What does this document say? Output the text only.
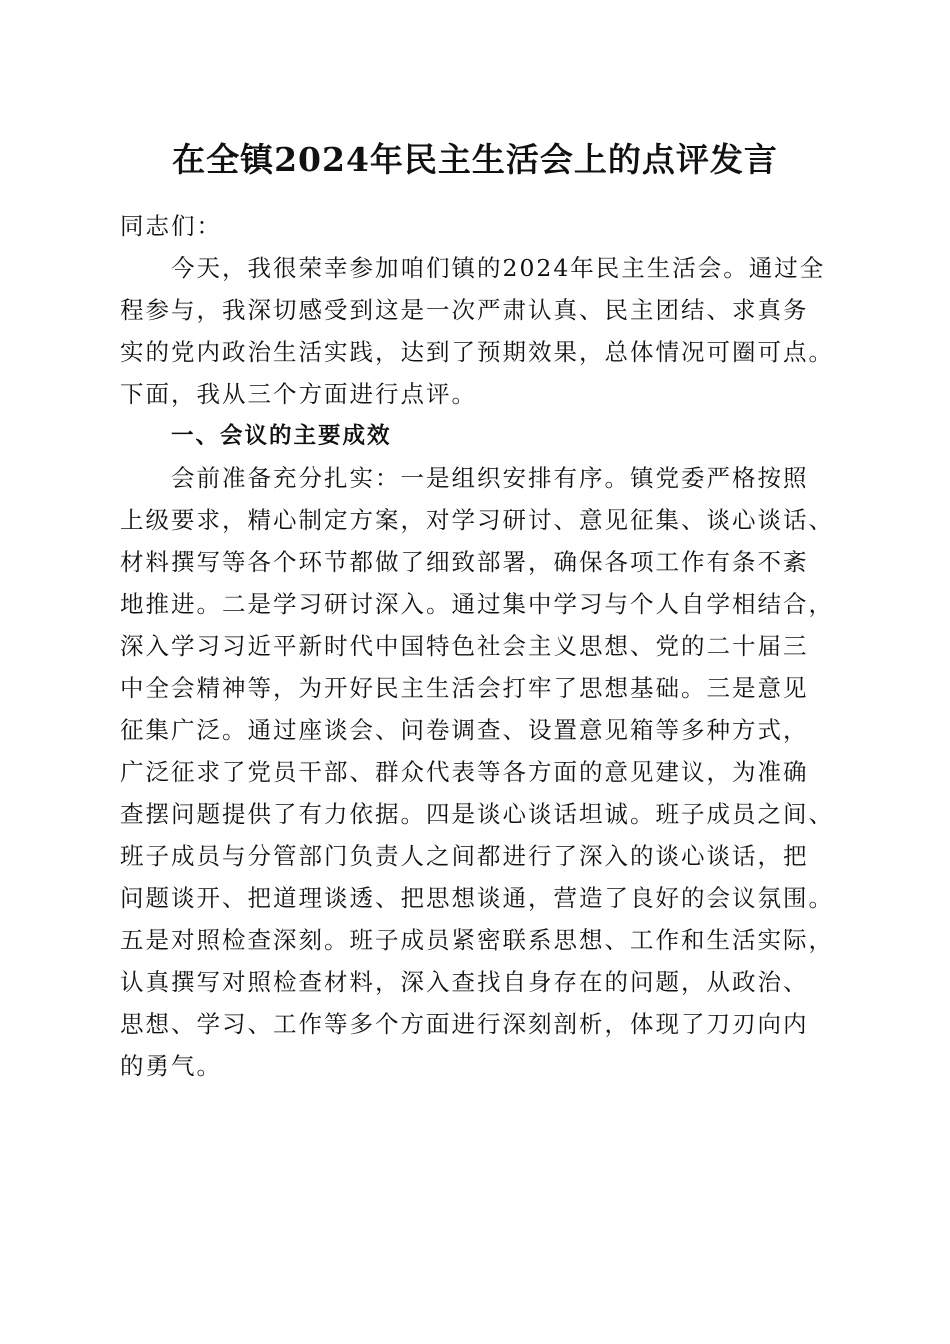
在全镇2024年民主生活会上的点评发言
同志们：
今天，我很荣幸参加咱们镇的2024年民主生活会。通过全
程参与，我深切感受到这是一次严肃认真、民主团结、求真务
实的党内政治生活实践，达到了预期效果，总体情况可圈可点。
下面，我从三个方面进行点评。
一、会议的主要成效
会前准备充分扎实：一是组织安排有序。镇党委严格按照
上级要求，精心制定方案，对学习研讨、意见征集、谈心谈话、
材料撰写等各个环节都做了细致部署，确保各项工作有条不紊
地推进。二是学习研讨深入。通过集中学习与个人自学相结合，
深入学习习近平新时代中国特色社会主义思想、党的二十届三
中全会精神等，为开好民主生活会打牢了思想基础。三是意见
征集广泛。通过座谈会、问卷调查、设置意见箱等多种方式，
广泛征求了党员干部、群众代表等各方面的意见建议，为准确
查摆问题提供了有力依据。四是谈心谈话坦诚。班子成员之间、
班子成员与分管部门负责人之间都进行了深入的谈心谈话，把
问题谈开、把道理谈透、把思想谈通，营造了良好的会议氛围。
五是对照检查深刻。班子成员紧密联系思想、工作和生活实际，
认真撰写对照检查材料，深入查找自身存在的问题，从政治、
思想、学习、工作等多个方面进行深刻剖析，体现了刀刃向内
的勇气。
